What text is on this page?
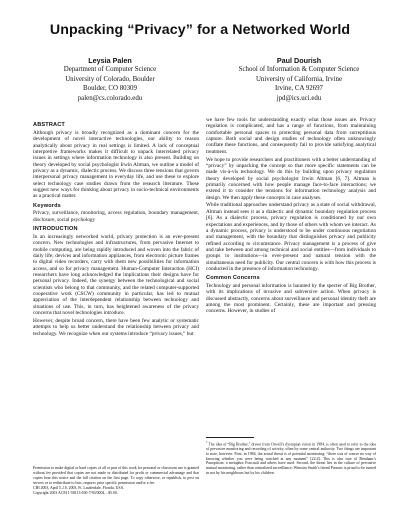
Unpacking “Privacy” for a Networked World
Leysia Palen
Department of Computer Science
University of Colorado, Boulder
Boulder, CO 80309
palen@cs.colorado.edu
Paul Dourish
School of Information & Computer Science
University of California, Irvine
Irvine, CA 92697
jpd@ics.uci.edu
ABSTRACT

Although privacy is broadly recognized as a dominant concern for the development of novel interactive technologies, our ability to reason analytically about privacy in real settings is limited. A lack of conceptual interpretive frameworks makes it difficult to unpack interrelated privacy issues in settings where information technology is also present. Building on theory developed by social psychologist Irwin Altman, we outline a model of privacy as a dynamic, dialectic process. We discuss three tensions that govern interpersonal privacy management in everyday life, and use these to explore select technology case studies drawn from the research literature. These suggest new ways for thinking about privacy in socio-technical environments as a practical matter.

Keywords

Privacy, surveillance, monitoring, access regulation, boundary management, disclosure, social psychology

INTRODUCTION

In an increasingly networked world, privacy protection is an ever-present concern. New technologies and infrastructures, from pervasive Internet to mobile computing, are being rapidly introduced and woven into the fabric of daily life; devices and information appliances, from electronic picture frames to digital video recorders, carry with them new possibilities for information access, and so for privacy management. Human-Computer Interaction (HCI) researchers have long acknowledged the implications their designs have for personal privacy. Indeed, the synergy between the technological and social scientists who belong to that community, and the related computer-supported cooperative work (CSCW) community in particular, has led to mutual appreciation of the interdependent relationship between technology and situations of use. This, in turn, has heightened awareness of the privacy concerns that novel technologies introduce.

However, despite broad concern, there have been few analytic or systematic attempts to help us better understand the relationship between privacy and technology. We recognize when our systems introduce “privacy issues,” but

Permission to make digital or hard copies of all or part of this work for personal or classroom use is granted without fee provided that copies are not made or distributed for profit or commercial advantage and that copies bear this notice and the full citation on the first page. To copy otherwise, or republish, to post on servers or to redistribute to lists, requires prior specific permission and/or a fee.

CHI 2003, April 5–10, 2003, Ft. Lauderdale, Florida, USA.

Copyright 2003 ACM 1-58113-630-7/03/0004…$5.00.

we have few tools for understanding exactly what those issues are. Privacy regulation is complicated, and has a range of functions, from maintaining comfortable personal spaces to protecting personal data from surreptitious capture. Both social and design studies of technology often unknowingly conflate these functions, and consequently fail to provide satisfying analytical treatment.

We hope to provide researchers and practitioners with a better understanding of “privacy” by unpacking the concept so that more specific statements can be made vis-à-vis technology. We do this by building upon privacy regulation theory developed by social psychologist Irwin Altman [6, 7]. Altman is primarily concerned with how people manage face-to-face interactions; we extend it to consider the tensions for information technology analysis and design. We then apply these concepts in case analyses.

While traditional approaches understand privacy as a state of social withdrawal, Altman instead sees it as a dialectic and dynamic boundary regulation process [6]. As a dialectic process, privacy regulation is conditioned by our own expectations and experiences, and by those of others with whom we interact. As a dynamic process, privacy is understood to be under continuous negotiation and management, with the boundary that distinguishes privacy and publicity refined according to circumstance. Privacy management is a process of give and take between and among technical and social entities—from individuals to groups to institutions—in ever-present and natural tension with the simultaneous need for publicity. Our central concern is with how this process is conducted in the presence of information technology.

Common Concerns

Technology and personal information is haunted by the specter of Big Brother, with its implications of invasive and subversive action. When privacy is discussed abstractly, concerns about surveillance and personal identity theft are among the most prominent. Certainly, these are important and pressing concerns. However, in studies of

$^1$ The idea of “Big Brother,” drawn from Orwell’s dystopian vision in 1984, is often used to refer to the idea of pervasive monitoring and recording of activity, often by some central authority. Two things are important to note, however. First, in 1984, the actual threat is of potential monitoring: “there was of course no way of knowing whether you were being watched at any moment” [22:4]. This is also true of Bentham’s Panopticon, a metaphor Foucault and others have used. Second, the threat lies in the culture of pervasive mutual monitoring, rather than centralized surveillance; Winston Smith’s friend Parsons is proud to be turned in not by his neighbours but by his children.
